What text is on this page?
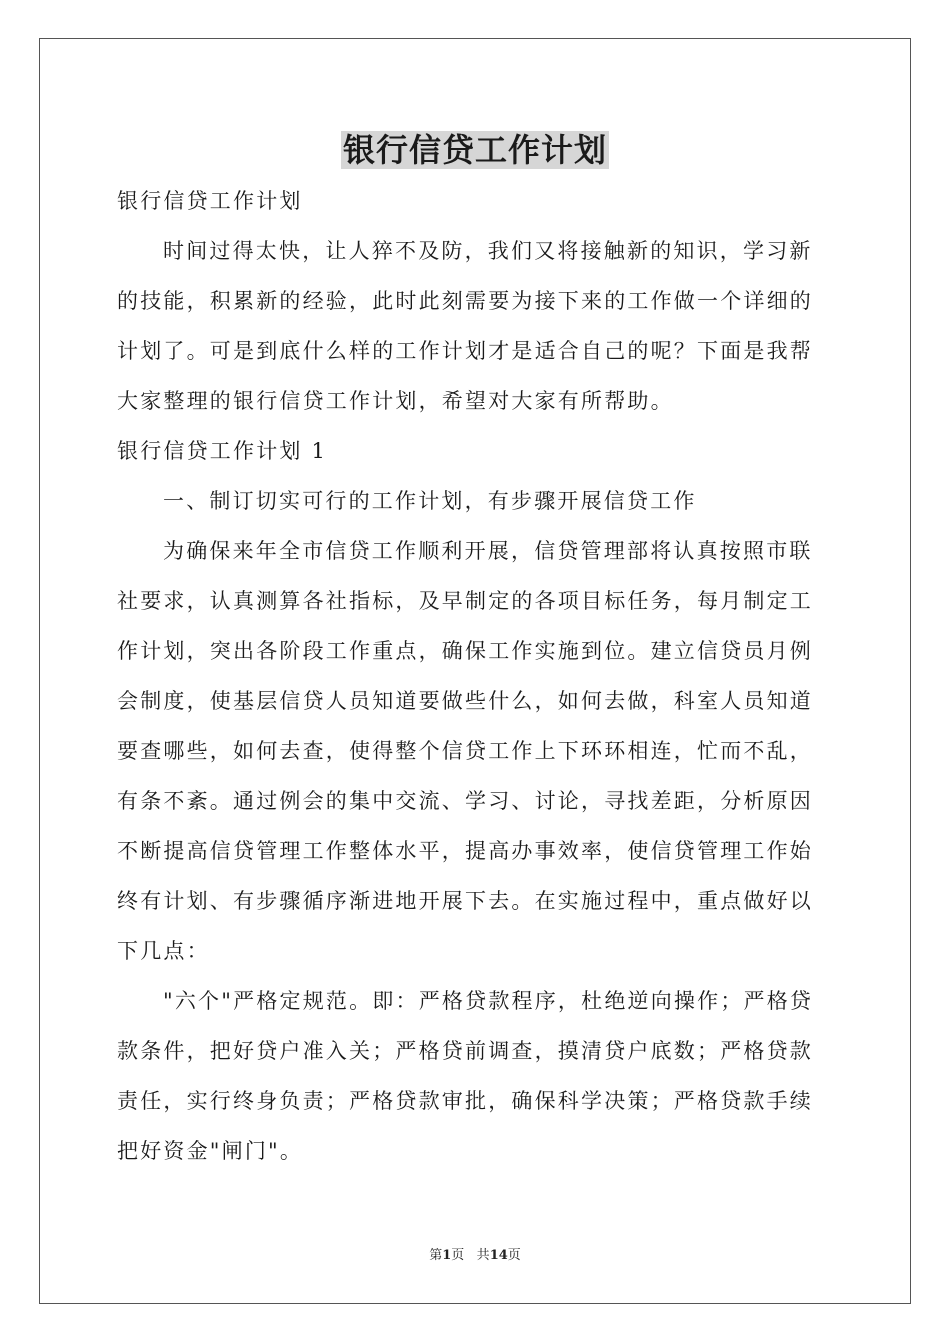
银行信贷工作计划

银行信贷工作计划

时间过得太快，让人猝不及防，我们又将接触新的知识，学习新

的技能，积累新的经验，此时此刻需要为接下来的工作做一个详细的

计划了。可是到底什么样的工作计划才是适合自己的呢？下面是我帮

大家整理的银行信贷工作计划，希望对大家有所帮助。

银行信贷工作计划 1

一、制订切实可行的工作计划，有步骤开展信贷工作

为确保来年全市信贷工作顺利开展，信贷管理部将认真按照市联

社要求，认真测算各社指标，及早制定的各项目标任务，每月制定工

作计划，突出各阶段工作重点，确保工作实施到位。建立信贷员月例

会制度，使基层信贷人员知道要做些什么，如何去做，科室人员知道

要查哪些，如何去查，使得整个信贷工作上下环环相连，忙而不乱，

有条不紊。通过例会的集中交流、学习、讨论，寻找差距，分析原因

不断提高信贷管理工作整体水平，提高办事效率，使信贷管理工作始

终有计划、有步骤循序渐进地开展下去。在实施过程中，重点做好以

下几点：

"六个"严格定规范。即：严格贷款程序，杜绝逆向操作；严格贷

款条件，把好贷户准入关；严格贷前调查，摸清贷户底数；严格贷款

责任，实行终身负责；严格贷款审批，确保科学决策；严格贷款手续

把好资金"闸门"。

第1页 共14页
